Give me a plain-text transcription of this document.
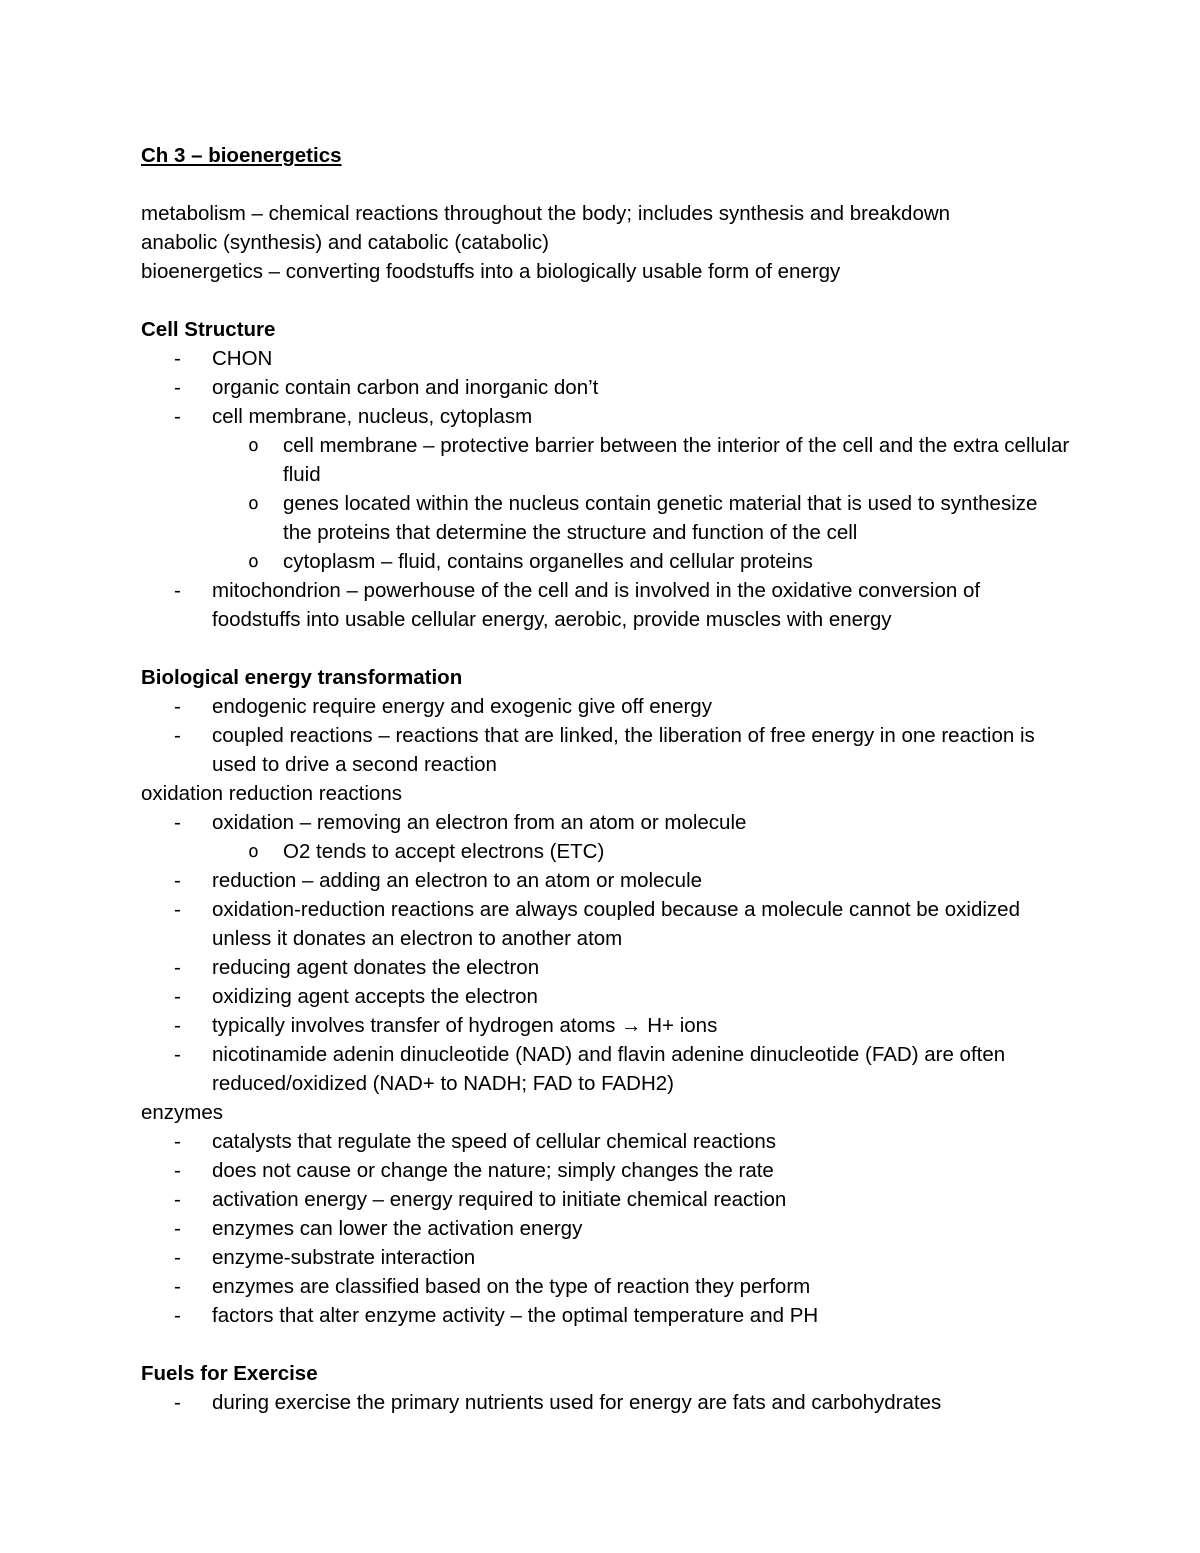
Ch 3 – bioenergetics
metabolism – chemical reactions throughout the body; includes synthesis and breakdown
anabolic (synthesis) and catabolic (catabolic)
bioenergetics – converting foodstuffs into a biologically usable form of energy
Cell Structure
- CHON
- organic contain carbon and inorganic don’t
- cell membrane, nucleus, cytoplasm
o cell membrane – protective barrier between the interior of the cell and the extra cellular fluid
o genes located within the nucleus contain genetic material that is used to synthesize the proteins that determine the structure and function of the cell
o cytoplasm – fluid, contains organelles and cellular proteins
- mitochondrion – powerhouse of the cell and is involved in the oxidative conversion of foodstuffs into usable cellular energy, aerobic, provide muscles with energy
Biological energy transformation
- endogenic require energy and exogenic give off energy
- coupled reactions – reactions that are linked, the liberation of free energy in one reaction is used to drive a second reaction
oxidation reduction reactions
- oxidation – removing an electron from an atom or molecule
o O2 tends to accept electrons (ETC)
- reduction – adding an electron to an atom or molecule
- oxidation-reduction reactions are always coupled because a molecule cannot be oxidized unless it donates an electron to another atom
- reducing agent donates the electron
- oxidizing agent accepts the electron
- typically involves transfer of hydrogen atoms → H+ ions
- nicotinamide adenin dinucleotide (NAD) and flavin adenine dinucleotide (FAD) are often reduced/oxidized (NAD+ to NADH; FAD to FADH2)
enzymes
- catalysts that regulate the speed of cellular chemical reactions
- does not cause or change the nature; simply changes the rate
- activation energy – energy required to initiate chemical reaction
- enzymes can lower the activation energy
- enzyme-substrate interaction
- enzymes are classified based on the type of reaction they perform
- factors that alter enzyme activity – the optimal temperature and PH
Fuels for Exercise
- during exercise the primary nutrients used for energy are fats and carbohydrates
